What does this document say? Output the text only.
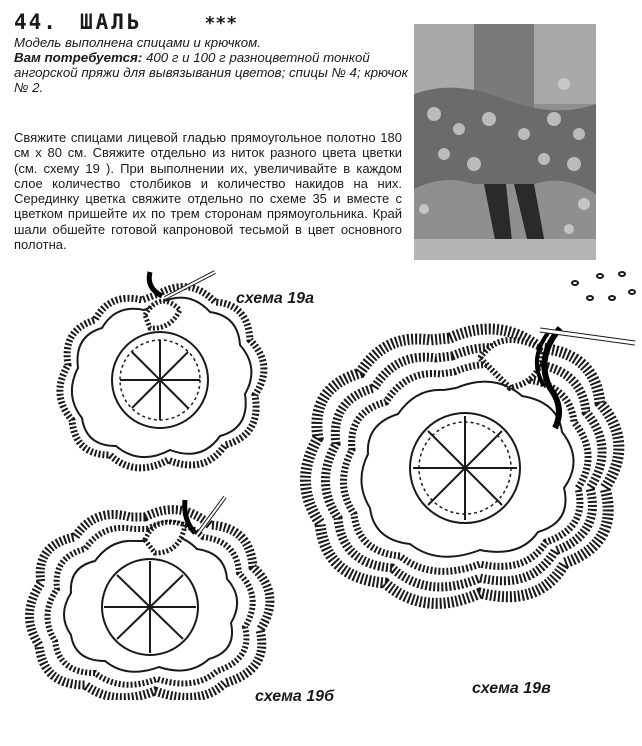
44. ШАЛЬ	***
Модель выполнена спицами и крючком.
Вам потребуется: 400 г и 100 г разноцветной тонкой ангорской пряжи для вывязывания цветов; спицы № 4; крючок № 2.
Свяжите спицами лицевой гладью прямоугольное полотно 180 см х 80 см. Свяжите отдельно из ниток разного цвета цветки (см. схему 19 ). При выполнении их, увеличивайте в каждом слое количество столбиков и количество накидов на них. Серединку цветка свяжите отдельно по схеме 35 и вместе с цветком пришейте их по трем сторонам прямоугольника. Край шали обшейте готовой капроновой тесьмой в цвет основного полотна.
схема 19а
схема 19б	схема 19в
